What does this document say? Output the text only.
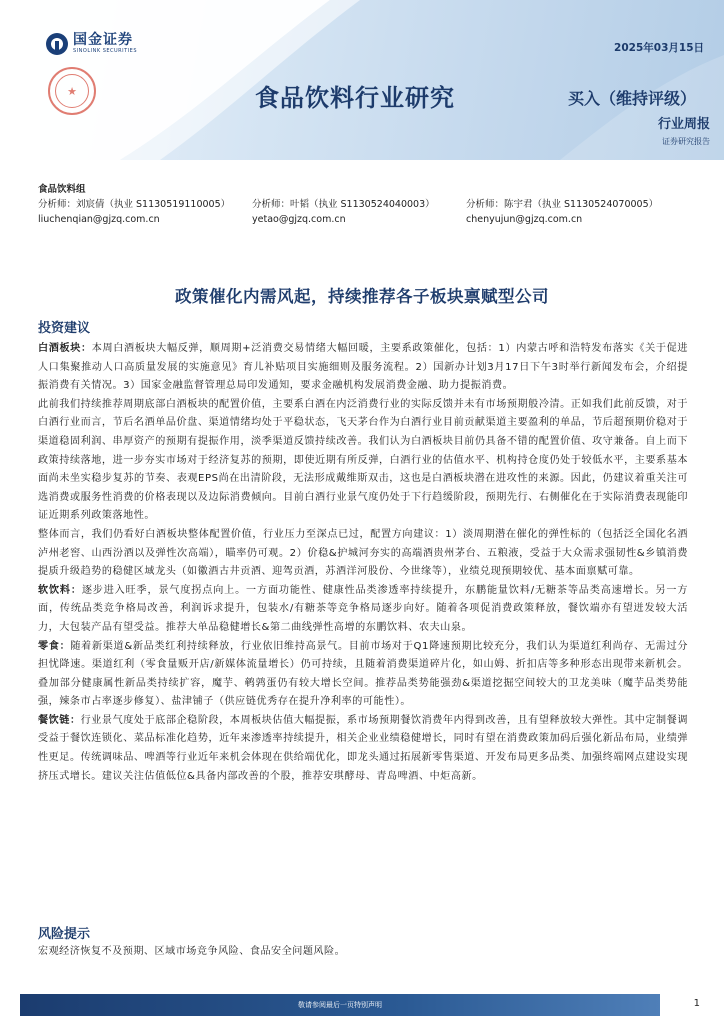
国金证券
SINOLINK SECURITIES	2025年03月15日
★	食品饮料行业研究	买入（维持评级）
行业周报
证券研究报告
食品饮料组
分析师：刘宸倩（执业 S1130519110005）	分析师：叶韬（执业 S1130524040003）	分析师：陈宇君（执业 S1130524070005）
liuchenqian@gjzq.com.cn	yetao@gjzq.com.cn	chenyujun@gjzq.com.cn
政策催化内需风起，持续推荐各子板块禀赋型公司
投资建议

白酒板块：本周白酒板块大幅反弹，顺周期+泛消费交易情绪大幅回暖，主要系政策催化，包括：1）内蒙古呼和浩特发布落实《关于促进人口集聚推动人口高质量发展的实施意见》育儿补贴项目实施细则及服务流程。2）国新办计划3月17日下午3时举行新闻发布会，介绍提振消费有关情况。3）国家金融监督管理总局印发通知，要求金融机构发展消费金融、助力提振消费。

此前我们持续推荐周期底部白酒板块的配置价值，主要系白酒在内泛消费行业的实际反馈并未有市场预期般冷清。正如我们此前反馈，对于白酒行业而言，节后名酒单品价盘、渠道情绪均处于平稳状态，飞天茅台作为白酒行业目前贡献渠道主要盈利的单品，节后超预期价稳对于渠道稳固利润、串厚资产的预期有提振作用，淡季渠道反馈持续改善。我们认为白酒板块目前仍具备不错的配置价值、攻守兼备。自上而下政策持续落地，进一步夯实市场对于经济复苏的预期，即使近期有所反弹，白酒行业的估值水平、机构持仓度仍处于较低水平，主要系基本面尚未坐实稳步复苏的节奏、表观EPS尚在出清阶段，无法形成戴维斯双击，这也是白酒板块潜在进攻性的来源。因此，仍建议着重关注可选消费或服务性消费的价格表现以及边际消费倾向。目前白酒行业景气度仍处于下行趋缓阶段，预期先行、右侧催化在于实际消费表现能印证近期系列政策落地性。

整体而言，我们仍看好白酒板块整体配置价值，行业压力至深点已过，配置方向建议：1）淡周期潜在催化的弹性标的（包括泛全国化名酒泸州老窖、山西汾酒以及弹性次高端），瞄率仍可观。2）价稳&护城河夯实的高端酒贵州茅台、五粮液，受益于大众需求强韧性&乡镇消费提质升级趋势的稳健区域龙头（如徽酒古井贡酒、迎驾贡酒，苏酒洋河股份、今世缘等），业绩兑现预期较优、基本面禀赋可靠。

软饮料：逐步进入旺季，景气度拐点向上。一方面功能性、健康性品类渗透率持续提升，东鹏能量饮料/无糖茶等品类高速增长。另一方面，传统品类竞争格局改善，利润诉求提升，包装水/有糖茶等竞争格局逐步向好。随着各项促消费政策释放，餐饮端亦有望迸发较大活力，大包装产品有望受益。推荐大单品稳健增长&第二曲线弹性高增的东鹏饮料、农夫山泉。

零食：随着新渠道&新品类红利持续释放，行业依旧维持高景气。目前市场对于Q1降速预期比较充分，我们认为渠道红利尚存、无需过分担忧降速。渠道红利（零食量贩开店/新媒体流量增长）仍可持续，且随着消费渠道碎片化，如山姆、折扣店等多种形态出现带来新机会。叠加部分健康属性新品类持续扩容，魔芋、鹌鹑蛋仍有较大增长空间。推荐品类势能强劲&渠道挖掘空间较大的卫龙美味（魔芋品类势能强，辣条市占率逐步修复）、盐津铺子（供应链优秀存在提升净利率的可能性）。

餐饮链：行业景气度处于底部企稳阶段，本周板块估值大幅提振，系市场预期餐饮消费年内得到改善，且有望释放较大弹性。其中定制餐调受益于餐饮连锁化、菜品标准化趋势，近年来渗透率持续提升，相关企业业绩稳健增长，同时有望在消费政策加码后强化新品布局，业绩弹性更足。传统调味品、啤酒等行业近年来机会体现在供给端优化，即龙头通过拓展新零售渠道、开发布局更多品类、加强终端网点建设实现挤压式增长。建议关注估值低位&具备内部改善的个股，推荐安琪酵母、青岛啤酒、中炬高新。

风险提示
宏观经济恢复不及预期、区域市场竞争风险、食品安全问题风险。
敬请参阅最后一页特别声明	1
